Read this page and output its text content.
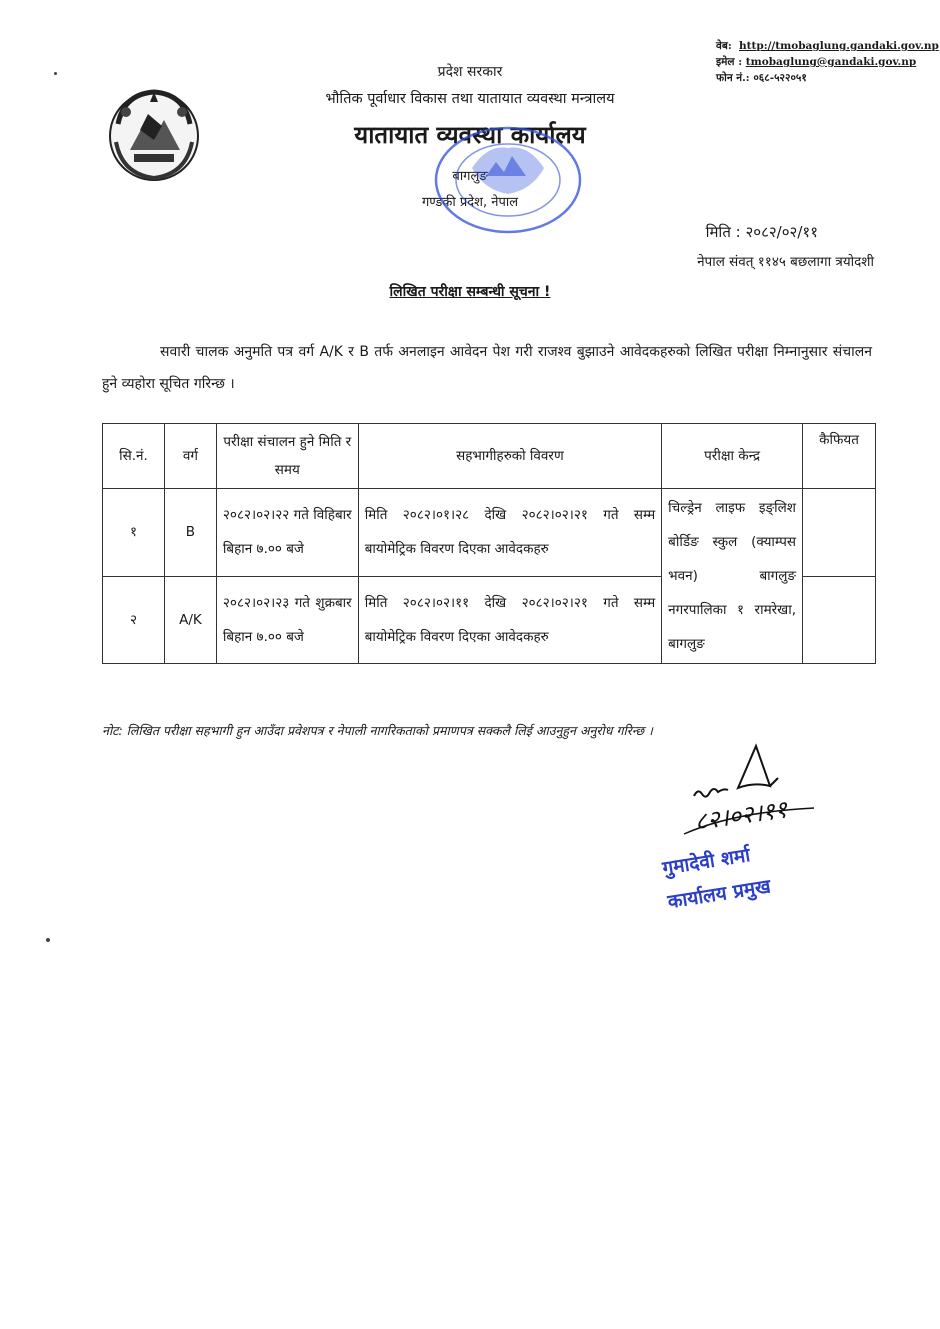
वेब: http://tmobaglung.gandaki.gov.np
इमेल : tmobaglung@gandaki.gov.np
फोन नं.: ०६८-५२२०५१
प्रदेश सरकार
भौतिक पूर्वाधार विकास तथा यातायात व्यवस्था मन्त्रालय
यातायात व्यवस्था कार्यालय
बागलुङ
गण्डकी प्रदेश, नेपाल
मिति : २०८२/०२/११
नेपाल संवत् ११४५ बछलागा त्रयोदशी
लिखित परीक्षा सम्बन्धी सूचना !
सवारी चालक अनुमति पत्र वर्ग A/K र B तर्फ अनलाइन आवेदन पेश गरी राजश्व बुझाउने आवेदकहरुको लिखित परीक्षा निम्नानुसार संचालन हुने व्यहोरा सूचित गरिन्छ ।
सि.नं.	वर्ग	परीक्षा संचालन हुने मिति र समय	सहभागीहरुको विवरण	परीक्षा केन्द्र	कैफियत
१	B	२०८२।०२।२२ गते विहिबार बिहान ७.०० बजे	मिति २०८२।०१।२८ देखि २०८२।०२।२१ गते सम्म बायोमेट्रिक विवरण दिएका आवेदकहरु	चिल्ड्रेन लाइफ इङ्लिश बोर्डिङ स्कुल (क्याम्पस भवन) बागलुङ नगरपालिका १ रामरेखा, बागलुङ	
२	A/K	२०८२।०२।२३ गते शुक्रबार बिहान ७.०० बजे	मिति २०८२।०२।११ देखि २०८२।०२।२१ गते सम्म बायोमेट्रिक विवरण दिएका आवेदकहरु		
नोट: लिखित परीक्षा सहभागी हुन आउँदा प्रवेशपत्र र नेपाली नागरिकताको प्रमाणपत्र सक्कलै लिई आउनुहुन अनुरोध गरिन्छ ।
८२।०२।११
गुमादेवी शर्मा
कार्यालय प्रमुख
